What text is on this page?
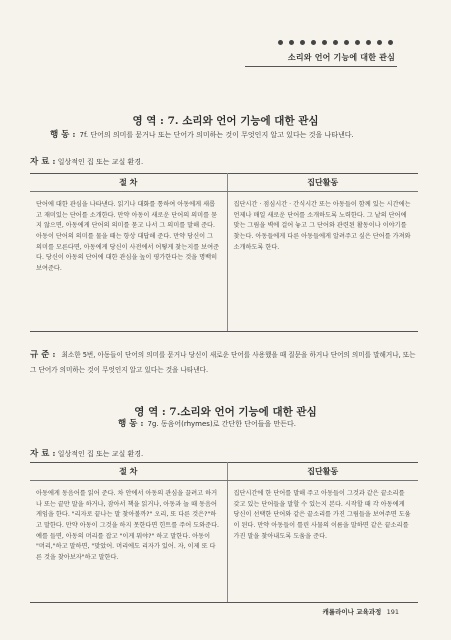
소리와 언어 기능에 대한 관심
영 역 : 7. 소리와 언어 기능에 대한 관심
행 동 : 7f. 단어의 의미를 묻거나 또는 단어가 의미하는 것이 무엇인지 알고 있다는 것을 나타낸다.
자 료 : 일상적인 집 또는 교실 환경.
절 차	집단활동
단어에 대한 관심을 나타낸다. 읽기나 대화를 통하여 아동에게 새롭고 재미있는 단어를 소개한다. 만약 아동이 새로운 단어의 의미를 묻지 않으면, 아동에게 단어의 의미를 묻고 나서 그 의미를 말해 준다. 아동이 단어의 의미를 물을 때는 항상 대답해 준다. 만약 당신이 그 의미를 모른다면, 아동에게 당신이 사전에서 어떻게 찾는지를 보여준다. 당신이 아동의 단어에 대한 관심을 높이 평가한다는 것을 명백히 보여준다.	집단시간 · 점심시간 · 간식시간 또는 아동들이 함께 있는 시간에는 언제나 매일 새로운 단어를 소개하도록 노력한다. 그 낱의 단어에 맞는 그림을 벽에 걸어 놓고 그 단어와 관련된 활동이나 이야기를 찾는다. 아동들에게 다른 아동들에게 알려주고 싶은 단어를 가져와 소개하도록 한다.
규 준 : 최소한 5번, 아동들이 단어의 의미를 묻거나 당신이 새로운 단어를 사용했을 때 질문을 하거나 단어의 의미를 말해거나, 또는 그 단어가 의미하는 것이 무엇인지 알고 있다는 것을 나타낸다.
영 역 : 7.소리와 언어 기능에 대한 관심
행 동 : 7g. 동음어(rhymes)로 간단한 단어들을 만든다.
자 료 : 일상적인 집 또는 교실 환경.
절 차	집단활동
아동에게 동음어를 읽어 준다. 차 안에서 아동의 관심을 끌려고 하거나 또는 끝만 말을 하거나, 잠아서 책을 읽거나, 아동과 놀 때 동음어 게임을 한다. "리자로 끝나는 말 찾아볼까?" 오리, 또 다른 것은?"하고 말한다. 만약 아동이 그것을 하지 못한다면 힌트를 주어 도와준다. 예를 들면, 아동의 머리를 잡고 "이게 뭐야?" 하고 말한다. 아동이 "머리,"하고 말하면, "맞았어. 머리에도 리자가 있어. 자, 이제 또 다른 것을 찾아보자"하고 말한다.	집단시간에 한 단어를 말해 주고 아동들이 그것과 같은 끝소리를 갖고 있는 단어들을 말할 수 있는지 본다. 시작할 때 각 아동에게 당신이 선택한 단어와 같은 끝소리를 가진 그림들을 보여주면 도움이 된다. 만약 아동들이 틀린 사물의 이름을 말하면 같은 끝소리를 가진 말을 찾아내도록 도움을 준다.
캐롤라이나 교육과정 191
